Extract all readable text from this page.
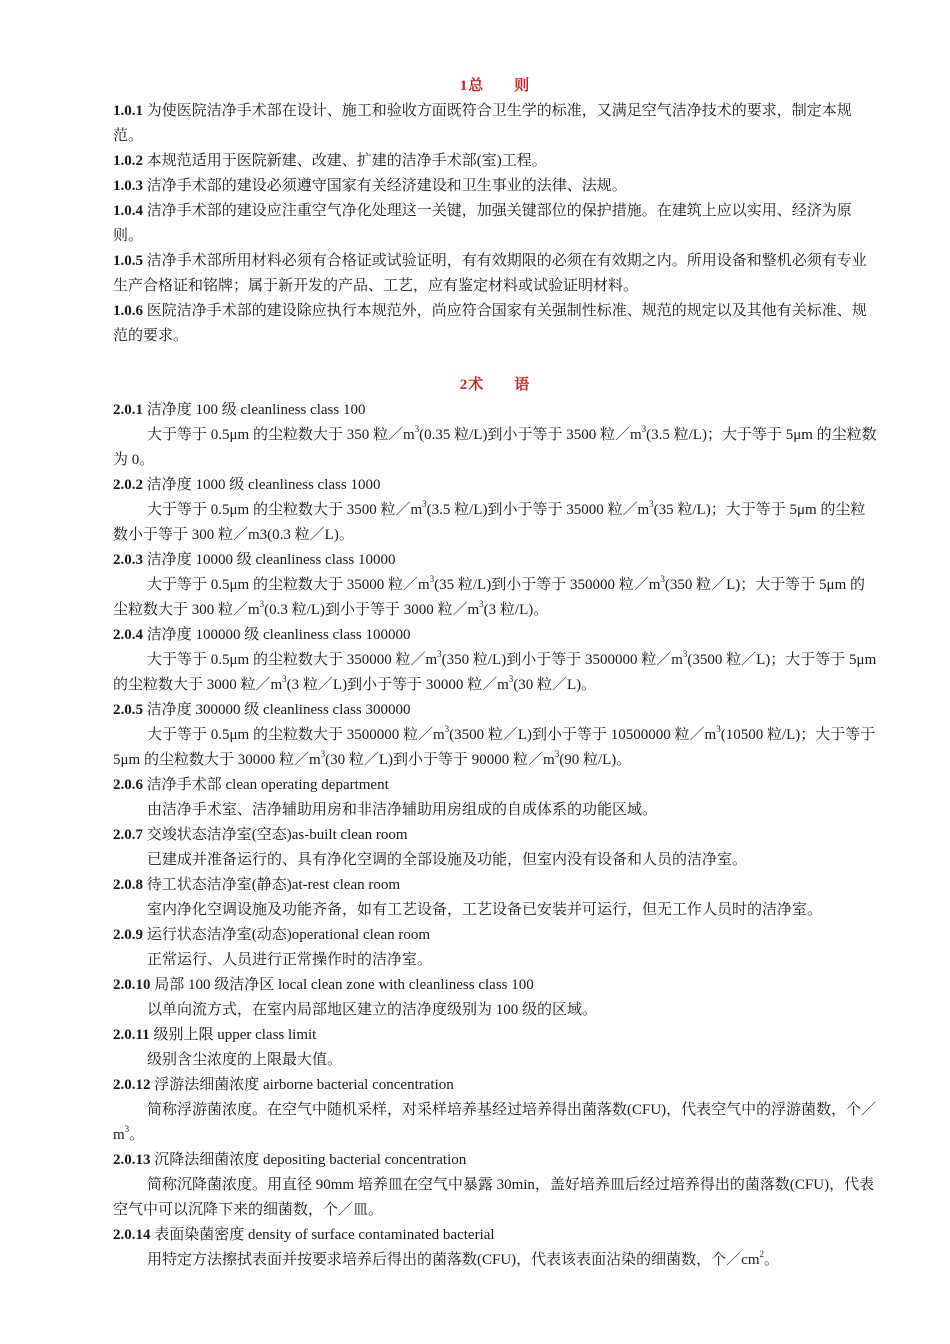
1总 则

1.0.1 为使医院洁净手术部在设计、施工和验收方面既符合卫生学的标准，又满足空气洁净技术的要求，制定本规范。

1.0.2 本规范适用于医院新建、改建、扩建的洁净手术部(室)工程。

1.0.3 洁净手术部的建设必须遵守国家有关经济建设和卫生事业的法律、法规。

1.0.4 洁净手术部的建设应注重空气净化处理这一关键，加强关键部位的保护措施。在建筑上应以实用、经济为原则。

1.0.5 洁净手术部所用材料必须有合格证或试验证明，有有效期限的必须在有效期之内。所用设备和整机必须有专业生产合格证和铭牌；属于新开发的产品、工艺，应有鉴定材料或试验证明材料。

1.0.6 医院洁净手术部的建设除应执行本规范外，尚应符合国家有关强制性标准、规范的规定以及其他有关标准、规范的要求。

2术 语

2.0.1 洁净度 100 级 cleanliness class 100

大于等于 0.5μm 的尘粒数大于 350 粒$/m^3(0.35$ 粒/L)到小于等于 3500 粒$/m^3(3.5$ 粒/L)；大于等于 5μm 的尘粒数为 0。

2.0.2 洁净度 1000 级 cleanliness class 1000

大于等于 0.5μm 的尘粒数大于 3500 粒$/m^3(3.5$ 粒/L)到小于等于 35000 粒$/m^3(35$ 粒/L)；大于等于 5μm 的尘粒数小于等于 300 粒／m3(0.3 粒／L)。

2.0.3 洁净度 10000 级 cleanliness class 10000

大于等于 0.5μm 的尘粒数大于 35000 粒$/m^3(35$ 粒/L)到小于等于 350000 粒$/m^3(350$ 粒／L)；大于等于 5μm 的尘粒数大于 300 粒$/m^3(0.3$ 粒/L)到小于等于 3000 粒$/m^3(3$ 粒/L)。

2.0.4 洁净度 100000 级 cleanliness class 100000

大于等于 0.5μm 的尘粒数大于 350000 粒$/m^3(350$ 粒/L)到小于等于 3500000 粒$/m^3(3500$ 粒／L)；大于等于 5μm 的尘粒数大于 3000 粒$/m^3(3$ 粒／L)到小于等于 30000 粒$/m^3(30$ 粒／L)。

2.0.5 洁净度 300000 级 cleanliness class 300000

大于等于 0.5μm 的尘粒数大于 3500000 粒$/m^3(3500$ 粒／L)到小于等于 10500000 粒$/m^3(10500$ 粒/L)；大于等于 5μm 的尘粒数大于 30000 粒$/m^3(30$ 粒／L)到小于等于 90000 粒$/m^3(90$ 粒/L)。

2.0.6 洁净手术部 clean operating department

由洁净手术室、洁净辅助用房和非洁净辅助用房组成的自成体系的功能区域。

2.0.7 交竣状态洁净室(空态)as-built clean room

已建成并准备运行的、具有净化空调的全部设施及功能，但室内没有设备和人员的洁净室。

2.0.8 待工状态洁净室(静态)at-rest clean room

室内净化空调设施及功能齐备，如有工艺设备，工艺设备已安装并可运行，但无工作人员时的洁净室。

2.0.9 运行状态洁净室(动态)operational clean room

正常运行、人员进行正常操作时的洁净室。

2.0.10 局部 100 级洁净区 local clean zone with cleanliness class 100

以单向流方式，在室内局部地区建立的洁净度级别为 100 级的区域。

2.0.11 级别上限 upper class limit

级别含尘浓度的上限最大值。

2.0.12 浮游法细菌浓度 airborne bacterial concentration

简称浮游菌浓度。在空气中随机采样，对采样培养基经过培养得出菌落数(CFU)，代表空气中的浮游菌数，个$/m^3$。

2.0.13 沉降法细菌浓度 depositing bacterial concentration

简称沉降菌浓度。用直径 90mm 培养皿在空气中暴露 30min，盖好培养皿后经过培养得出的菌落数(CFU)，代表空气中可以沉降下来的细菌数，个／皿。

2.0.14 表面染菌密度 density of surface contaminated bacterial

用特定方法擦拭表面并按要求培养后得出的菌落数(CFU)，代表该表面沾染的细菌数，个$/cm^2$。
